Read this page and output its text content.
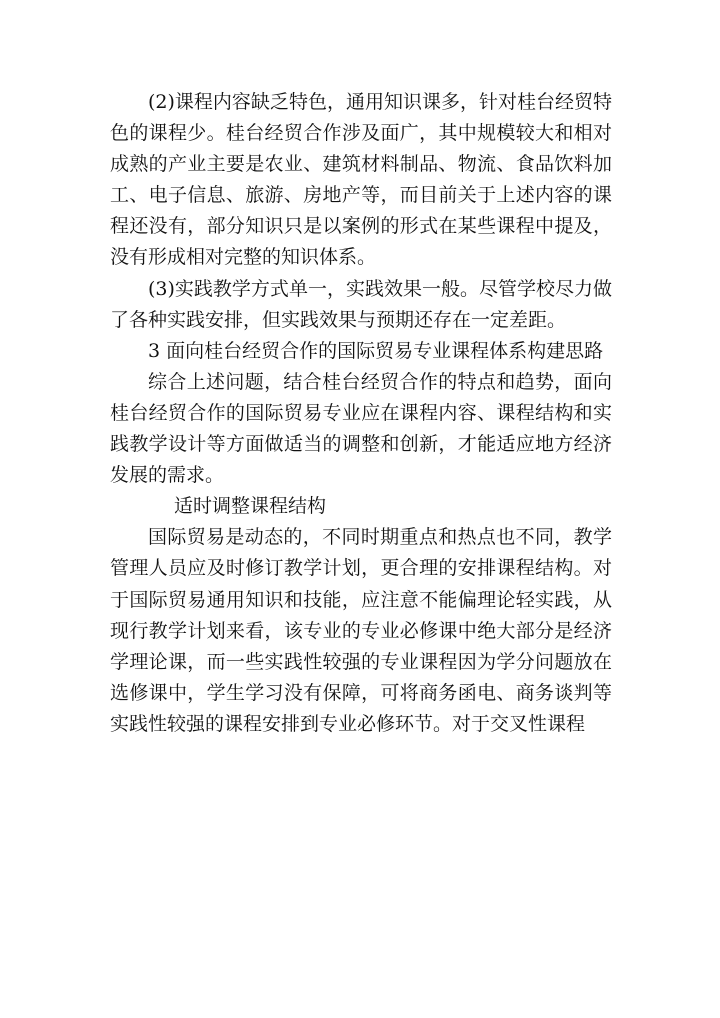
(2)课程内容缺乏特色，通用知识课多，针对桂台经贸特色的课程少。桂台经贸合作涉及面广，其中规模较大和相对成熟的产业主要是农业、建筑材料制品、物流、食品饮料加工、电子信息、旅游、房地产等，而目前关于上述内容的课程还没有，部分知识只是以案例的形式在某些课程中提及，没有形成相对完整的知识体系。

(3)实践教学方式单一，实践效果一般。尽管学校尽力做了各种实践安排，但实践效果与预期还存在一定差距。

3 面向桂台经贸合作的国际贸易专业课程体系构建思路

综合上述问题，结合桂台经贸合作的特点和趋势，面向桂台经贸合作的国际贸易专业应在课程内容、课程结构和实践教学设计等方面做适当的调整和创新，才能适应地方经济发展的需求。

适时调整课程结构

国际贸易是动态的，不同时期重点和热点也不同，教学管理人员应及时修订教学计划，更合理的安排课程结构。对于国际贸易通用知识和技能，应注意不能偏理论轻实践，从现行教学计划来看，该专业的专业必修课中绝大部分是经济学理论课，而一些实践性较强的专业课程因为学分问题放在选修课中，学生学习没有保障，可将商务函电、商务谈判等实践性较强的课程安排到专业必修环节。对于交叉性课程
